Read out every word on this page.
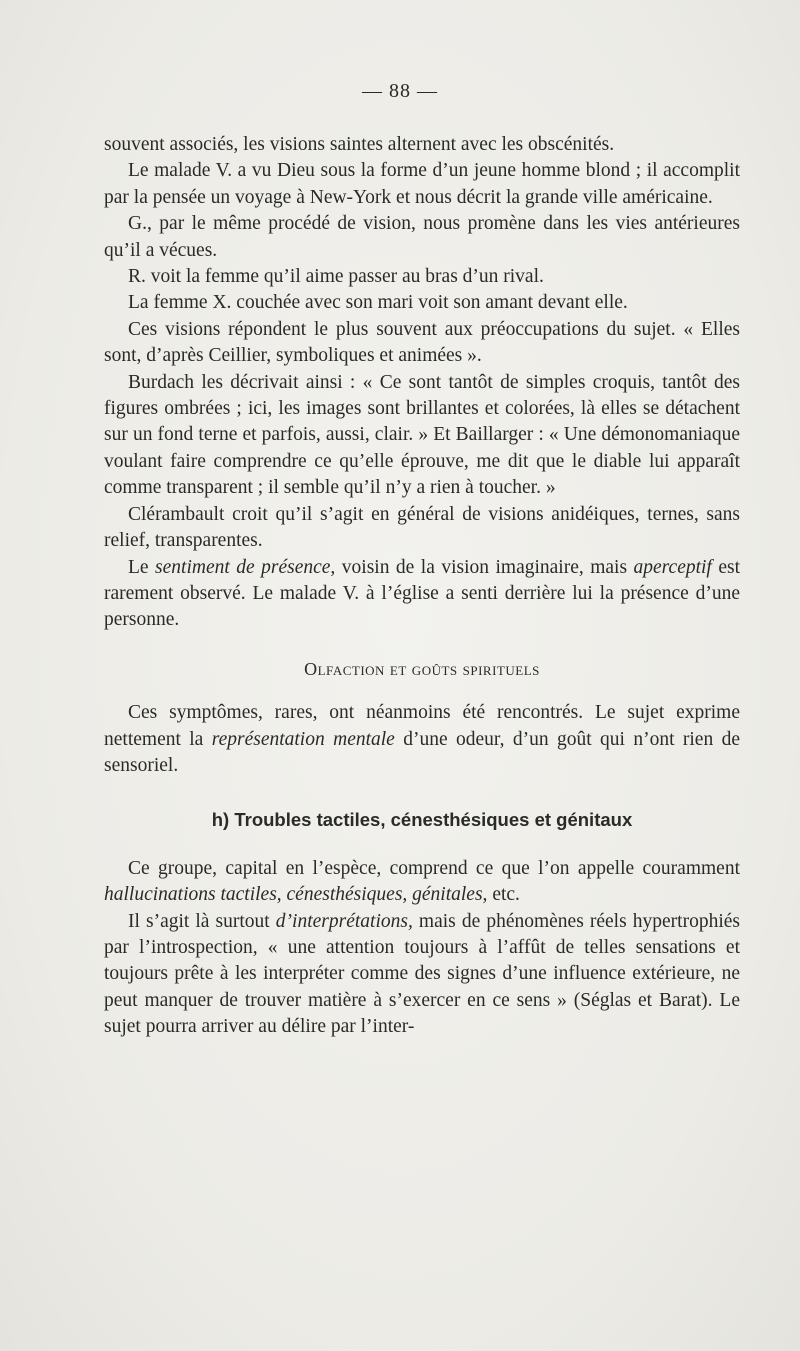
— 88 —

souvent associés, les visions saintes alternent avec les obscénités.

Le malade V. a vu Dieu sous la forme d’un jeune homme blond ; il accomplit par la pensée un voyage à New-York et nous décrit la grande ville américaine.

G., par le même procédé de vision, nous promène dans les vies antérieures qu’il a vécues.

R. voit la femme qu’il aime passer au bras d’un rival.

La femme X. couchée avec son mari voit son amant devant elle.

Ces visions répondent le plus souvent aux préoccupations du sujet. « Elles sont, d’après Ceillier, symboliques et animées ».

Burdach les décrivait ainsi : « Ce sont tantôt de simples croquis, tantôt des figures ombrées ; ici, les images sont brillantes et colorées, là elles se détachent sur un fond terne et parfois, aussi, clair. » Et Baillarger : « Une démonomaniaque voulant faire comprendre ce qu’elle éprouve, me dit que le diable lui apparaît comme transparent ; il semble qu’il n’y a rien à toucher. »

Clérambault croit qu’il s’agit en général de visions anidéiques, ternes, sans relief, transparentes.

Le sentiment de présence, voisin de la vision imaginaire, mais aperceptif est rarement observé. Le malade V. à l’église a senti derrière lui la présence d’une personne.

Olfaction et goûts spirituels

Ces symptômes, rares, ont néanmoins été rencontrés. Le sujet exprime nettement la représentation mentale d’une odeur, d’un goût qui n’ont rien de sensoriel.

h) Troubles tactiles, cénesthésiques et génitaux

Ce groupe, capital en l’espèce, comprend ce que l’on appelle couramment hallucinations tactiles, cénesthésiques, génitales, etc.

Il s’agit là surtout d’interprétations, mais de phénomènes réels hypertrophiés par l’introspection, « une attention toujours à l’affût de telles sensations et toujours prête à les interpréter comme des signes d’une influence extérieure, ne peut manquer de trouver matière à s’exercer en ce sens » (Séglas et Barat). Le sujet pourra arriver au délire par l’inter-
